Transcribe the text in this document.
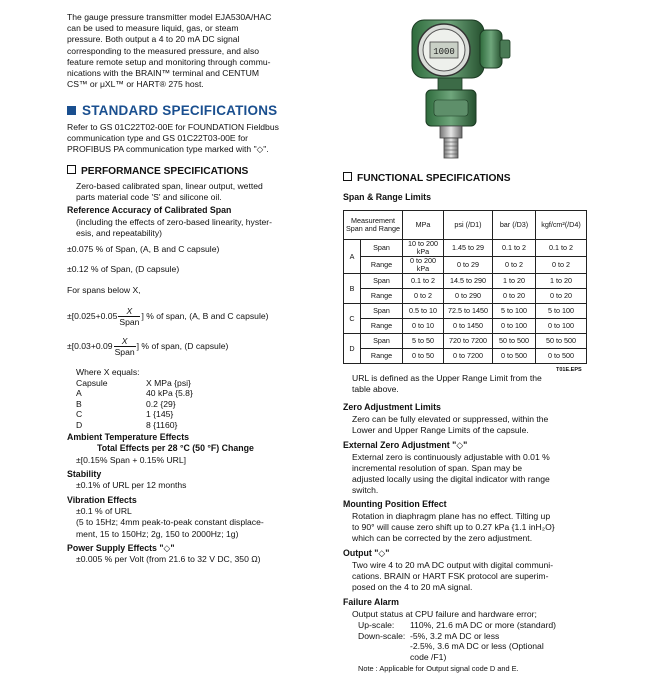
The gauge pressure transmitter model EJA530A/HAC

can be used to measure liquid, gas, or steam

pressure. Both output a 4 to 20 mA DC signal

corresponding to the measured pressure, and also

feature remote setup and monitoring through commu-

nications with the BRAIN™ terminal and CENTUM

CS™ or μXL™ or HART® 275 host.

STANDARD SPECIFICATIONS

Refer to GS 01C22T02-00E for FOUNDATION Fieldbus

communication type and GS 01C22T03-00E for

PROFIBUS PA communication type marked with "◇".

PERFORMANCE SPECIFICATIONS

Zero-based calibrated span, linear output, wetted

parts material code 'S' and silicone oil.

Reference Accuracy of Calibrated Span

(including the effects of zero-based linearity, hyster-

esis, and repeatability)

±0.075 % of Span, (A, B and C capsule)

±0.12 % of Span, (D capsule)

For spans below X,

$\pm[0.025+0.05 \frac{X}{\text{Span}}$ ] % of span, (A, B and C capsule)
$\pm[0.03+0.09 \frac{X}{\text{Span}}$ ] % of span, (D capsule)

Where X equals:

Capsule	X MPa {psi}
A	40 kPa {5.8}
B	0.2 {29}
C	1 {145}
D	8 {1160}

Ambient Temperature Effects

Total Effects per 28 °C (50 °F) Change

±[0.15% Span + 0.15% URL]

Stability

±0.1% of URL per 12 months

Vibration Effects

±0.1 % of URL

(5 to 15Hz; 4mm peak-to-peak constant displace-

ment, 15 to 150Hz; 2g, 150 to 2000Hz; 1g)

Power Supply Effects "◇"

±0.005 % per Volt (from 21.6 to 32 V DC, 350 Ω)

1000
FUNCTIONAL SPECIFICATIONS

Span & Range Limits

Measurement Span and Range		MPa	psi (/D1)	bar (/D3)	kgf/cm²(/D4)
A	Span	10 to 200 kPa	1.45 to 29	0.1 to 2	0.1 to 2
	Range	0 to 200 kPa	0 to 29	0 to 2	0 to 2
B	Span	0.1 to 2	14.5 to 290	1 to 20	1 to 20
	Range	0 to 2	0 to 290	0 to 20	0 to 20
C	Span	0.5 to 10	72.5 to 1450	5 to 100	5 to 100
	Range	0 to 10	0 to 1450	0 to 100	0 to 100
D	Span	5 to 50	720 to 7200	50 to 500	50 to 500
	Range	0 to 50	0 to 7200	0 to 500	0 to 500

T01E.EPS

URL is defined as the Upper Range Limit from the

table above.

Zero Adjustment Limits

Zero can be fully elevated or suppressed, within the

Lower and Upper Range Limits of the capsule.

External Zero Adjustment "◇"

External zero is continuously adjustable with 0.01 %

incremental resolution of span. Span may be

adjusted locally using the digital indicator with range

switch.

Mounting Position Effect

Rotation in diaphragm plane has no effect. Tilting up

to 90° will cause zero shift up to 0.27 kPa {1.1 inH₂O}

which can be corrected by the zero adjustment.

Output "◇"

Two wire 4 to 20 mA DC output with digital communi-

cations. BRAIN or HART FSK protocol are superim-

posed on the 4 to 20 mA signal.

Failure Alarm

Output status at CPU failure and hardware error;

Up-scale:	110%, 21.6 mA DC or more (standard)
Down-scale: -5%, 3.2 mA DC or less
-2.5%, 3.6 mA DC or less (Optional
code /F1)

Note : Applicable for Output signal code D and E.
